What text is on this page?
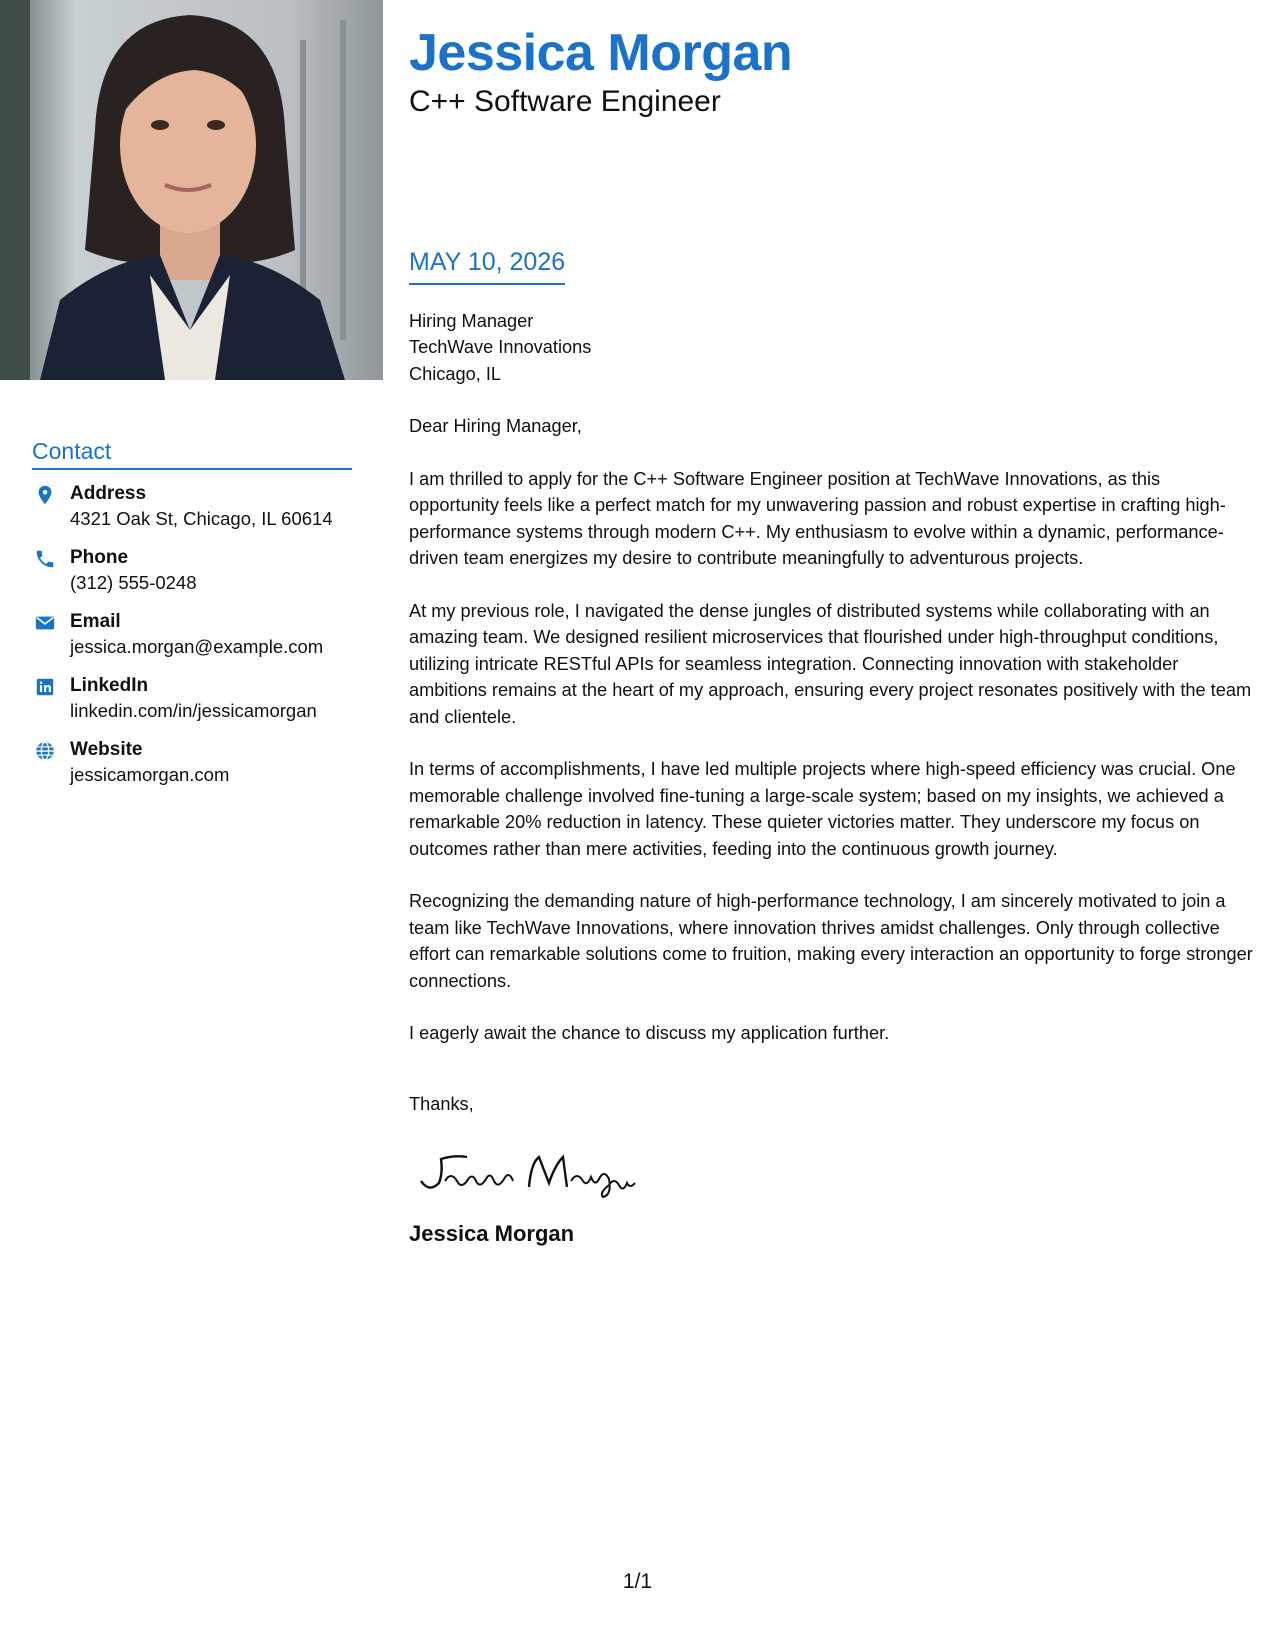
Contact
Address
4321 Oak St, Chicago, IL 60614
Phone
(312) 555-0248
Email
jessica.morgan@example.com
LinkedIn
linkedin.com/in/jessicamorgan
Website
jessicamorgan.com
Jessica Morgan
C++ Software Engineer
MAY 10, 2026
Hiring Manager
TechWave Innovations
Chicago, IL

Dear Hiring Manager,

I am thrilled to apply for the C++ Software Engineer position at TechWave Innovations, as this opportunity feels like a perfect match for my unwavering passion and robust expertise in crafting high-performance systems through modern C++. My enthusiasm to evolve within a dynamic, performance-driven team energizes my desire to contribute meaningfully to adventurous projects.

At my previous role, I navigated the dense jungles of distributed systems while collaborating with an amazing team. We designed resilient microservices that flourished under high-throughput conditions, utilizing intricate RESTful APIs for seamless integration. Connecting innovation with stakeholder ambitions remains at the heart of my approach, ensuring every project resonates positively with the team and clientele.

In terms of accomplishments, I have led multiple projects where high-speed efficiency was crucial. One memorable challenge involved fine-tuning a large-scale system; based on my insights, we achieved a remarkable 20% reduction in latency. These quieter victories matter. They underscore my focus on outcomes rather than mere activities, feeding into the continuous growth journey.

Recognizing the demanding nature of high-performance technology, I am sincerely motivated to join a team like TechWave Innovations, where innovation thrives amidst challenges. Only through collective effort can remarkable solutions come to fruition, making every interaction an opportunity to forge stronger connections.

I eagerly await the chance to discuss my application further.

Thanks,
Jessica Morgan
1/1
